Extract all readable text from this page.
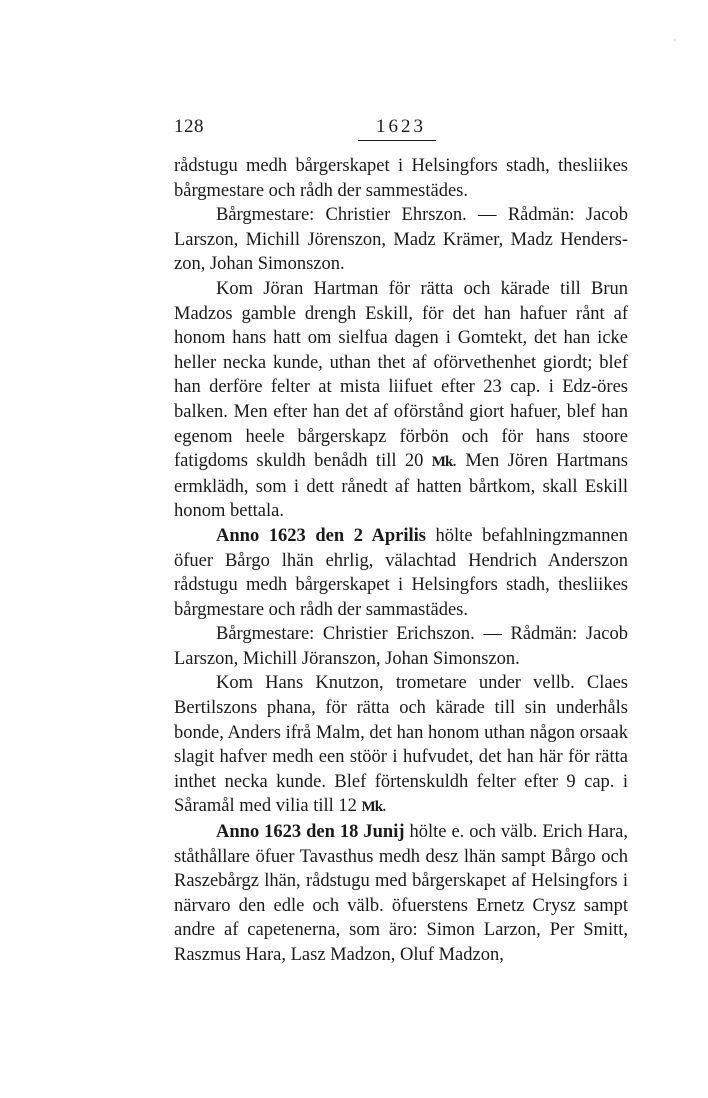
·
128	1623

rådstugu medh bårgerskapet i Helsingfors stadh, thesliikes bårgmestare och rådh der sammestädes.

Bårgmestare: Christier Ehrszon. — Rådmän: Jacob Larszon, Michill Jörenszon, Madz Krämer, Madz Henders-zon, Johan Simonszon.

Kom Jöran Hartman för rätta och kärade till Brun Madzos gamble drengh Eskill, för det han hafuer rånt af honom hans hatt om sielfua dagen i Gomtekt, det han icke heller necka kunde, uthan thet af oförvethenhet giordt; blef han derföre felter at mista liifuet efter 23 cap. i Edz-öres balken. Men efter han det af oförstånd giort hafuer, blef han egenom heele bårgerskapz förbön och för hans stoore fatigdoms skuldh benådh till 20 Mk. Men Jören Hartmans ermklädh, som i dett rånedt af hatten bårtkom, skall Eskill honom bettala.

Anno 1623 den 2 Aprilis hölte befahlningzmannen öfuer Bårgo lhän ehrlig, välachtad Hendrich Anderszon rådstugu medh bårgerskapet i Helsingfors stadh, thesliikes bårgmestare och rådh der sammastädes.

Bårgmestare: Christier Erichszon. — Rådmän: Jacob Larszon, Michill Jöranszon, Johan Simonszon.

Kom Hans Knutzon, trometare under vellb. Claes Bertilszons phana, för rätta och kärade till sin underhåls bonde, Anders ifrå Malm, det han honom uthan någon orsaak slagit hafver medh een stöör i hufvudet, det han här för rätta inthet necka kunde. Blef förtenskuldh felter efter 9 cap. i Såramål med vilia till 12 Mk.

Anno 1623 den 18 Junij hölte e. och välb. Erich Hara, ståthållare öfuer Tavasthus medh desz lhän sampt Bårgo och Raszebårgz lhän, rådstugu med bårgerskapet af Helsingfors i närvaro den edle och välb. öfuerstens Ernetz Crysz sampt andre af capetenerna, som äro: Simon Larzon, Per Smitt, Raszmus Hara, Lasz Madzon, Oluf Madzon,
